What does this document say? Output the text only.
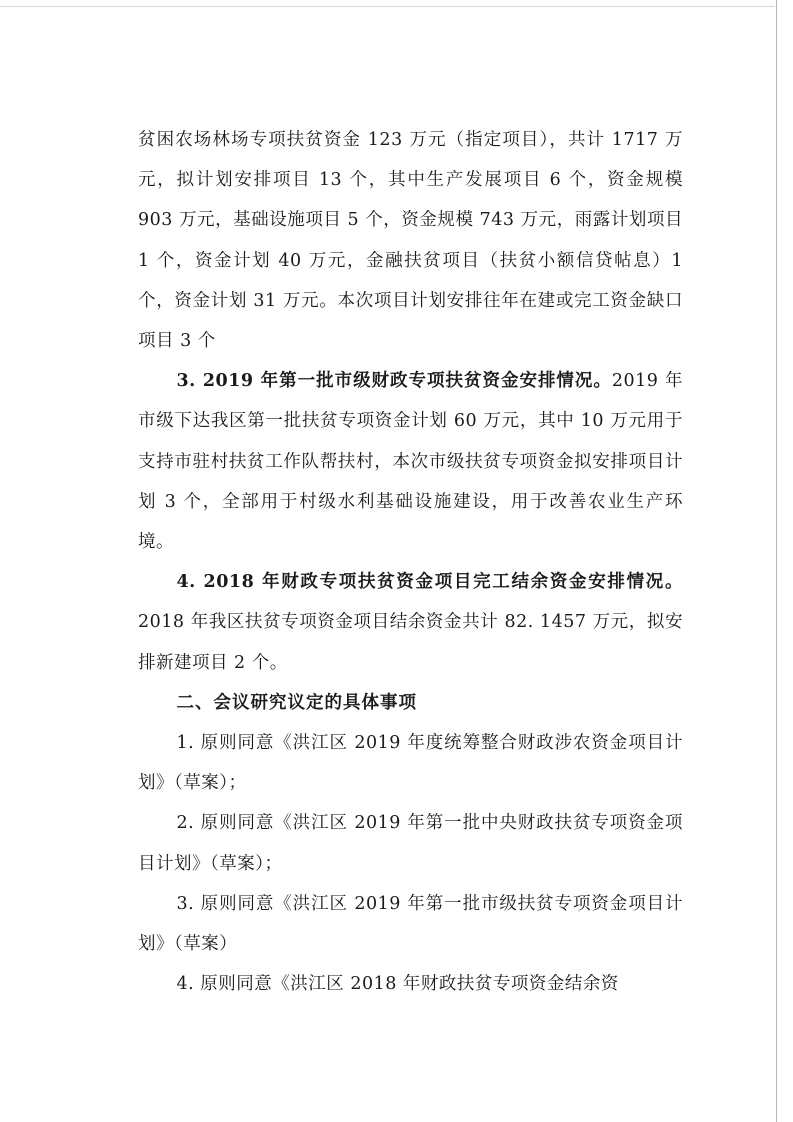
贫困农场林场专项扶贫资金 123 万元（指定项目），共计 1717 万元，拟计划安排项目 13 个，其中生产发展项目 6 个，资金规模 903 万元，基础设施项目 5 个，资金规模 743 万元，雨露计划项目 1 个，资金计划 40 万元，金融扶贫项目（扶贫小额信贷帖息）1 个，资金计划 31 万元。本次项目计划安排往年在建或完工资金缺口项目 3 个

3. 2019 年第一批市级财政专项扶贫资金安排情况。2019 年市级下达我区第一批扶贫专项资金计划 60 万元，其中 10 万元用于支持市驻村扶贫工作队帮扶村，本次市级扶贫专项资金拟安排项目计划 3 个，全部用于村级水利基础设施建设，用于改善农业生产环境。

4. 2018 年财政专项扶贫资金项目完工结余资金安排情况。2018 年我区扶贫专项资金项目结余资金共计 82. 1457 万元，拟安排新建项目 2 个。

二、会议研究议定的具体事项

1. 原则同意《洪江区 2019 年度统筹整合财政涉农资金项目计划》（草案）；

2. 原则同意《洪江区 2019 年第一批中央财政扶贫专项资金项目计划》（草案）；

3. 原则同意《洪江区 2019 年第一批市级扶贫专项资金项目计划》（草案）

4. 原则同意《洪江区 2018 年财政扶贫专项资金结余资
